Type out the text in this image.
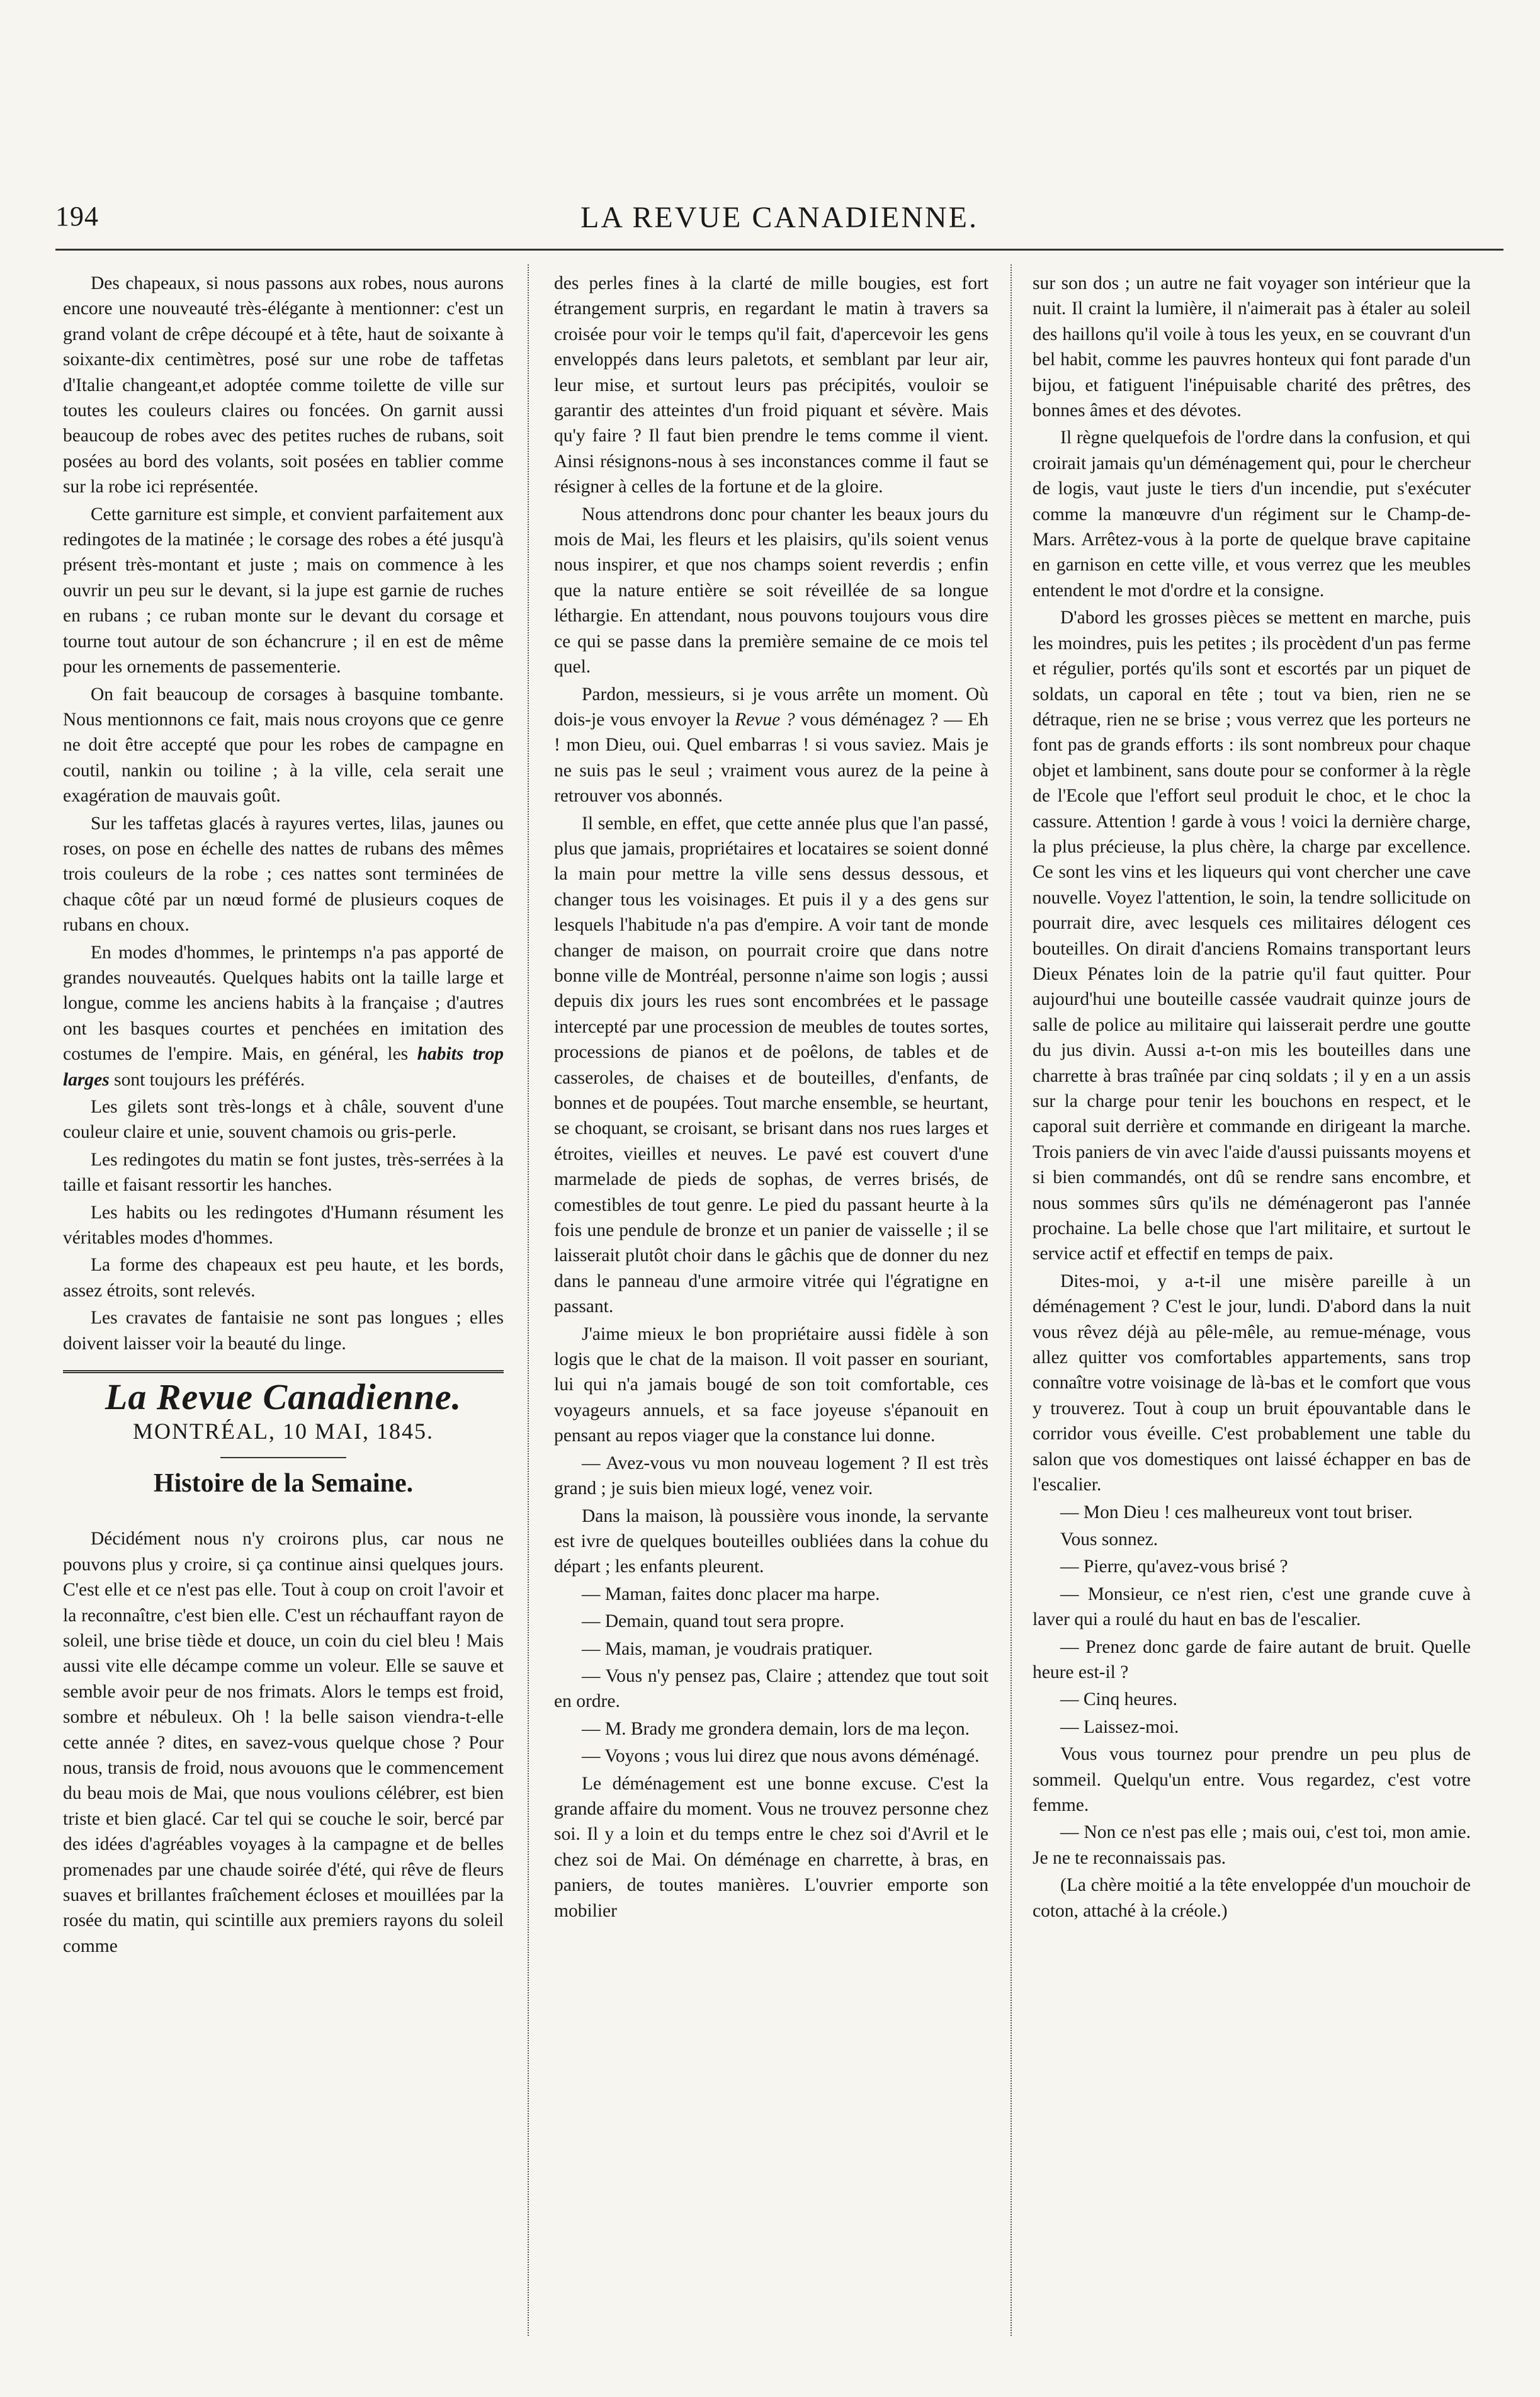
194	LA REVUE CANADIENNE.

Des chapeaux, si nous passons aux robes, nous aurons encore une nouveauté très-élégante à mentionner: c'est un grand volant de crêpe découpé et à tête, haut de soixante à soixante-dix centimètres, posé sur une robe de taffetas d'Italie changeant,et adoptée comme toilette de ville sur toutes les couleurs claires ou foncées. On garnit aussi beaucoup de robes avec des petites ruches de rubans, soit posées au bord des volants, soit posées en tablier comme sur la robe ici représentée.

Cette garniture est simple, et convient parfaitement aux redingotes de la matinée ; le corsage des robes a été jusqu'à présent très-montant et juste ; mais on commence à les ouvrir un peu sur le devant, si la jupe est garnie de ruches en rubans ; ce ruban monte sur le devant du corsage et tourne tout autour de son échancrure ; il en est de même pour les ornements de passementerie.

On fait beaucoup de corsages à basquine tombante. Nous mentionnons ce fait, mais nous croyons que ce genre ne doit être accepté que pour les robes de campagne en coutil, nankin ou toiline ; à la ville, cela serait une exagération de mauvais goût.

Sur les taffetas glacés à rayures vertes, lilas, jaunes ou roses, on pose en échelle des nattes de rubans des mêmes trois couleurs de la robe ; ces nattes sont terminées de chaque côté par un nœud formé de plusieurs coques de rubans en choux.

En modes d'hommes, le printemps n'a pas apporté de grandes nouveautés. Quelques habits ont la taille large et longue, comme les anciens habits à la française ; d'autres ont les basques courtes et penchées en imitation des costumes de l'empire. Mais, en général, les habits trop larges sont toujours les préférés.

Les gilets sont très-longs et à châle, souvent d'une couleur claire et unie, souvent chamois ou gris-perle.

Les redingotes du matin se font justes, très-serrées à la taille et faisant ressortir les hanches.

Les habits ou les redingotes d'Humann résument les véritables modes d'hommes.

La forme des chapeaux est peu haute, et les bords, assez étroits, sont relevés.

Les cravates de fantaisie ne sont pas longues ; elles doivent laisser voir la beauté du linge.

La Revue Canadienne.
MONTRÉAL, 10 MAI, 1845.
Histoire de la Semaine.

Décidément nous n'y croirons plus, car nous ne pouvons plus y croire, si ça continue ainsi quelques jours. C'est elle et ce n'est pas elle. Tout à coup on croit l'avoir et la reconnaître, c'est bien elle. C'est un réchauffant rayon de soleil, une brise tiède et douce, un coin du ciel bleu ! Mais aussi vite elle décampe comme un voleur. Elle se sauve et semble avoir peur de nos frimats. Alors le temps est froid, sombre et nébuleux. Oh ! la belle saison viendra-t-elle cette année ? dites, en savez-vous quelque chose ? Pour nous, transis de froid, nous avouons que le commencement du beau mois de Mai, que nous voulions célébrer, est bien triste et bien glacé. Car tel qui se couche le soir, bercé par des idées d'agréables voyages à la campagne et de belles promenades par une chaude soirée d'été, qui rêve de fleurs suaves et brillantes fraîchement écloses et mouillées par la rosée du matin, qui scintille aux premiers rayons du soleil comme

des perles fines à la clarté de mille bougies, est fort étrangement surpris, en regardant le matin à travers sa croisée pour voir le temps qu'il fait, d'apercevoir les gens enveloppés dans leurs paletots, et semblant par leur air, leur mise, et surtout leurs pas précipités, vouloir se garantir des atteintes d'un froid piquant et sévère. Mais qu'y faire ? Il faut bien prendre le tems comme il vient. Ainsi résignons-nous à ses inconstances comme il faut se résigner à celles de la fortune et de la gloire.

Nous attendrons donc pour chanter les beaux jours du mois de Mai, les fleurs et les plaisirs, qu'ils soient venus nous inspirer, et que nos champs soient reverdis ; enfin que la nature entière se soit réveillée de sa longue léthargie. En attendant, nous pouvons toujours vous dire ce qui se passe dans la première semaine de ce mois tel quel.

Pardon, messieurs, si je vous arrête un moment. Où dois-je vous envoyer la Revue ? vous déménagez ? — Eh ! mon Dieu, oui. Quel embarras ! si vous saviez. Mais je ne suis pas le seul ; vraiment vous aurez de la peine à retrouver vos abonnés.

Il semble, en effet, que cette année plus que l'an passé, plus que jamais, propriétaires et locataires se soient donné la main pour mettre la ville sens dessus dessous, et changer tous les voisinages. Et puis il y a des gens sur lesquels l'habitude n'a pas d'empire. A voir tant de monde changer de maison, on pourrait croire que dans notre bonne ville de Montréal, personne n'aime son logis ; aussi depuis dix jours les rues sont encombrées et le passage intercepté par une procession de meubles de toutes sortes, processions de pianos et de poêlons, de tables et de casseroles, de chaises et de bouteilles, d'enfants, de bonnes et de poupées. Tout marche ensemble, se heurtant, se choquant, se croisant, se brisant dans nos rues larges et étroites, vieilles et neuves. Le pavé est couvert d'une marmelade de pieds de sophas, de verres brisés, de comestibles de tout genre. Le pied du passant heurte à la fois une pendule de bronze et un panier de vaisselle ; il se laisserait plutôt choir dans le gâchis que de donner du nez dans le panneau d'une armoire vitrée qui l'égratigne en passant.

J'aime mieux le bon propriétaire aussi fidèle à son logis que le chat de la maison. Il voit passer en souriant, lui qui n'a jamais bougé de son toit comfortable, ces voyageurs annuels, et sa face joyeuse s'épanouit en pensant au repos viager que la constance lui donne.

— Avez-vous vu mon nouveau logement ? Il est très grand ; je suis bien mieux logé, venez voir.

Dans la maison, là poussière vous inonde, la servante est ivre de quelques bouteilles oubliées dans la cohue du départ ; les enfants pleurent.

— Maman, faites donc placer ma harpe.

— Demain, quand tout sera propre.

— Mais, maman, je voudrais pratiquer.

— Vous n'y pensez pas, Claire ; attendez que tout soit en ordre.

— M. Brady me grondera demain, lors de ma leçon.

— Voyons ; vous lui direz que nous avons déménagé.

Le déménagement est une bonne excuse. C'est la grande affaire du moment. Vous ne trouvez personne chez soi. Il y a loin et du temps entre le chez soi d'Avril et le chez soi de Mai. On déménage en charrette, à bras, en paniers, de toutes manières. L'ouvrier emporte son mobilier

sur son dos ; un autre ne fait voyager son intérieur que la nuit. Il craint la lumière, il n'aimerait pas à étaler au soleil des haillons qu'il voile à tous les yeux, en se couvrant d'un bel habit, comme les pauvres honteux qui font parade d'un bijou, et fatiguent l'inépuisable charité des prêtres, des bonnes âmes et des dévotes.

Il règne quelquefois de l'ordre dans la confusion, et qui croirait jamais qu'un déménagement qui, pour le chercheur de logis, vaut juste le tiers d'un incendie, put s'exécuter comme la manœuvre d'un régiment sur le Champ-de-Mars. Arrêtez-vous à la porte de quelque brave capitaine en garnison en cette ville, et vous verrez que les meubles entendent le mot d'ordre et la consigne.

D'abord les grosses pièces se mettent en marche, puis les moindres, puis les petites ; ils procèdent d'un pas ferme et régulier, portés qu'ils sont et escortés par un piquet de soldats, un caporal en tête ; tout va bien, rien ne se détraque, rien ne se brise ; vous verrez que les porteurs ne font pas de grands efforts : ils sont nombreux pour chaque objet et lambinent, sans doute pour se conformer à la règle de l'Ecole que l'effort seul produit le choc, et le choc la cassure. Attention ! garde à vous ! voici la dernière charge, la plus précieuse, la plus chère, la charge par excellence. Ce sont les vins et les liqueurs qui vont chercher une cave nouvelle. Voyez l'attention, le soin, la tendre sollicitude on pourrait dire, avec lesquels ces militaires délogent ces bouteilles. On dirait d'anciens Romains transportant leurs Dieux Pénates loin de la patrie qu'il faut quitter. Pour aujourd'hui une bouteille cassée vaudrait quinze jours de salle de police au militaire qui laisserait perdre une goutte du jus divin. Aussi a-t-on mis les bouteilles dans une charrette à bras traînée par cinq soldats ; il y en a un assis sur la charge pour tenir les bouchons en respect, et le caporal suit derrière et commande en dirigeant la marche. Trois paniers de vin avec l'aide d'aussi puissants moyens et si bien commandés, ont dû se rendre sans encombre, et nous sommes sûrs qu'ils ne déménageront pas l'année prochaine. La belle chose que l'art militaire, et surtout le service actif et effectif en temps de paix.

Dites-moi, y a-t-il une misère pareille à un déménagement ? C'est le jour, lundi. D'abord dans la nuit vous rêvez déjà au pêle-mêle, au remue-ménage, vous allez quitter vos comfortables appartements, sans trop connaître votre voisinage de là-bas et le comfort que vous y trouverez. Tout à coup un bruit épouvantable dans le corridor vous éveille. C'est probablement une table du salon que vos domestiques ont laissé échapper en bas de l'escalier.

— Mon Dieu ! ces malheureux vont tout briser.

Vous sonnez.

— Pierre, qu'avez-vous brisé ?

— Monsieur, ce n'est rien, c'est une grande cuve à laver qui a roulé du haut en bas de l'escalier.

— Prenez donc garde de faire autant de bruit. Quelle heure est-il ?

— Cinq heures.

— Laissez-moi.

Vous vous tournez pour prendre un peu plus de sommeil. Quelqu'un entre. Vous regardez, c'est votre femme.

— Non ce n'est pas elle ; mais oui, c'est toi, mon amie. Je ne te reconnaissais pas.

(La chère moitié a la tête enveloppée d'un mouchoir de coton, attaché à la créole.)
